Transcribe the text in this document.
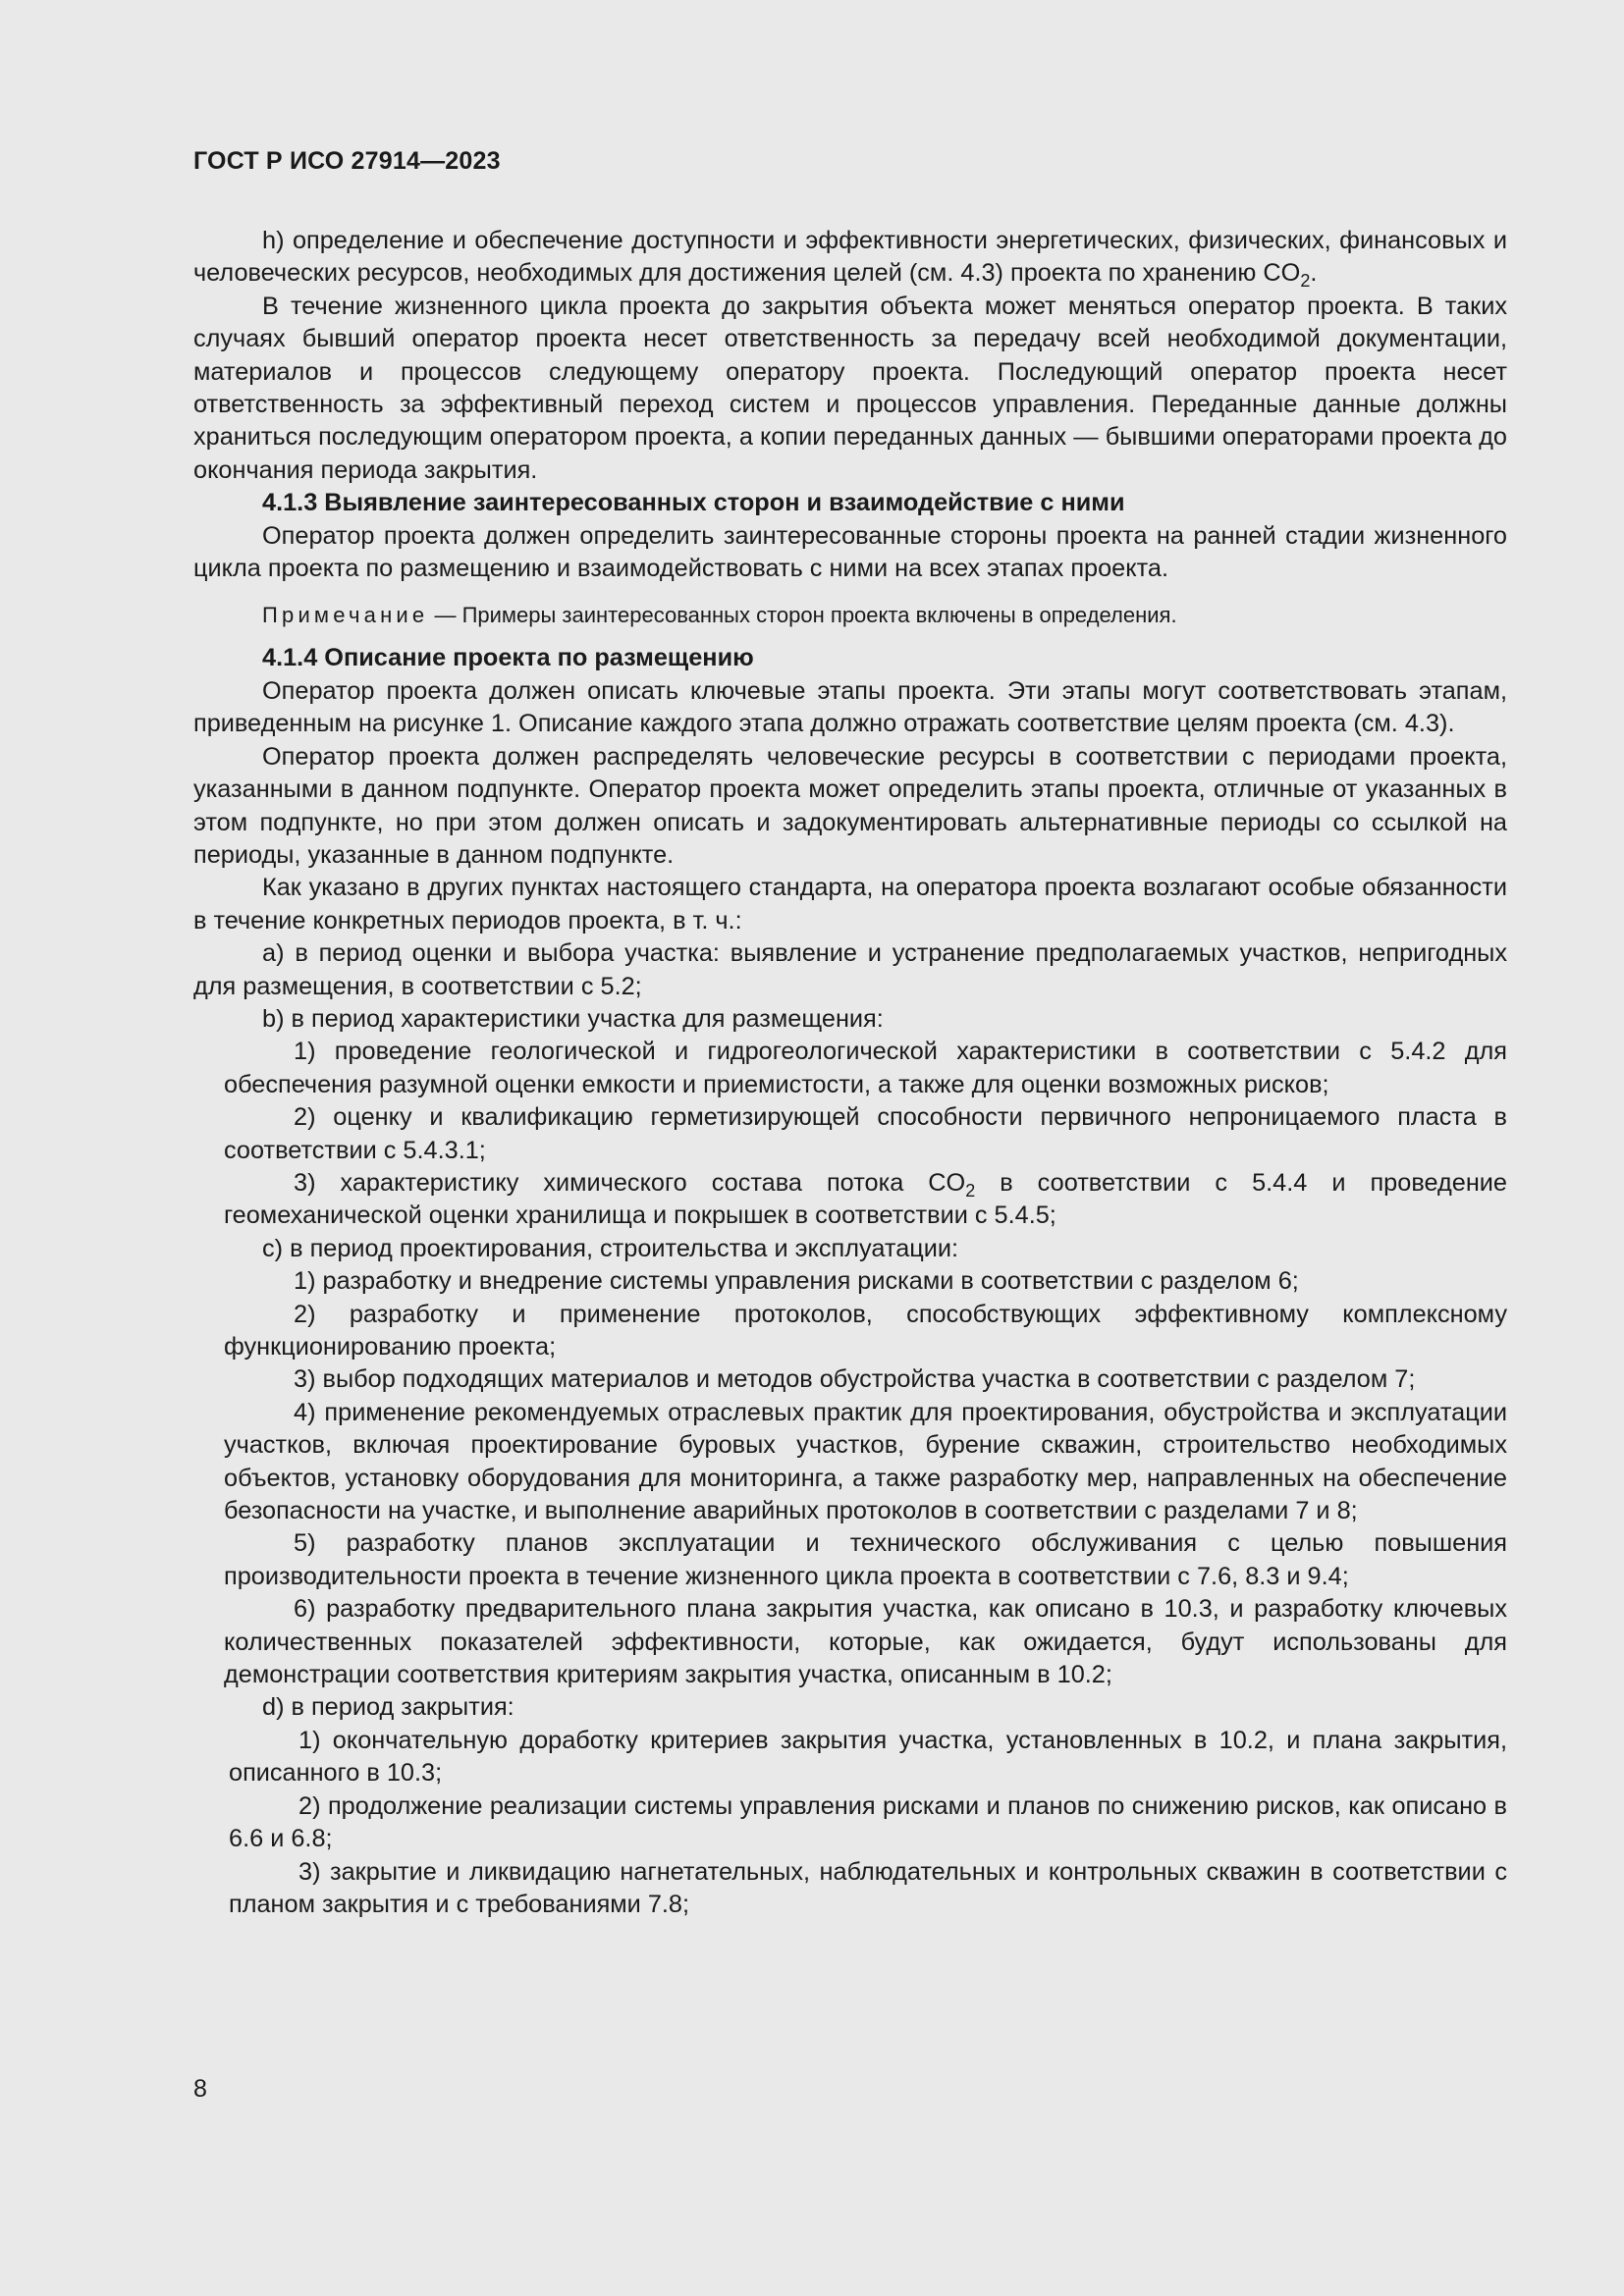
ГОСТ Р ИСО 27914—2023

h) определение и обеспечение доступности и эффективности энергетических, физических, финансовых и человеческих ресурсов, необходимых для достижения целей (см. 4.3) проекта по хранению $CO_2$.

В течение жизненного цикла проекта до закрытия объекта может меняться оператор проекта. В таких случаях бывший оператор проекта несет ответственность за передачу всей необходимой документации, материалов и процессов следующему оператору проекта. Последующий оператор проекта несет ответственность за эффективный переход систем и процессов управления. Переданные данные должны храниться последующим оператором проекта, а копии переданных данных — бывшими операторами проекта до окончания периода закрытия.

4.1.3 Выявление заинтересованных сторон и взаимодействие с ними

Оператор проекта должен определить заинтересованные стороны проекта на ранней стадии жизненного цикла проекта по размещению и взаимодействовать с ними на всех этапах проекта.

Примечание — Примеры заинтересованных сторон проекта включены в определения.

4.1.4 Описание проекта по размещению

Оператор проекта должен описать ключевые этапы проекта. Эти этапы могут соответствовать этапам, приведенным на рисунке 1. Описание каждого этапа должно отражать соответствие целям проекта (см. 4.3).

Оператор проекта должен распределять человеческие ресурсы в соответствии с периодами проекта, указанными в данном подпункте. Оператор проекта может определить этапы проекта, отличные от указанных в этом подпункте, но при этом должен описать и задокументировать альтернативные периоды со ссылкой на периоды, указанные в данном подпункте.

Как указано в других пунктах настоящего стандарта, на оператора проекта возлагают особые обязанности в течение конкретных периодов проекта, в т. ч.:

a) в период оценки и выбора участка: выявление и устранение предполагаемых участков, непригодных для размещения, в соответствии с 5.2;

b) в период характеристики участка для размещения:

1) проведение геологической и гидрогеологической характеристики в соответствии с 5.4.2 для обеспечения разумной оценки емкости и приемистости, а также для оценки возможных рисков;

2) оценку и квалификацию герметизирующей способности первичного непроницаемого пласта в соответствии с 5.4.3.1;

3) характеристику химического состава потока $CO_2$ в соответствии с 5.4.4 и проведение геомеханической оценки хранилища и покрышек в соответствии с 5.4.5;

c) в период проектирования, строительства и эксплуатации:

1) разработку и внедрение системы управления рисками в соответствии с разделом 6;

2) разработку и применение протоколов, способствующих эффективному комплексному функционированию проекта;

3) выбор подходящих материалов и методов обустройства участка в соответствии с разделом 7;

4) применение рекомендуемых отраслевых практик для проектирования, обустройства и эксплуатации участков, включая проектирование буровых участков, бурение скважин, строительство необходимых объектов, установку оборудования для мониторинга, а также разработку мер, направленных на обеспечение безопасности на участке, и выполнение аварийных протоколов в соответствии с разделами 7 и 8;

5) разработку планов эксплуатации и технического обслуживания с целью повышения производительности проекта в течение жизненного цикла проекта в соответствии с 7.6, 8.3 и 9.4;

6) разработку предварительного плана закрытия участка, как описано в 10.3, и разработку ключевых количественных показателей эффективности, которые, как ожидается, будут использованы для демонстрации соответствия критериям закрытия участка, описанным в 10.2;

d) в период закрытия:

1) окончательную доработку критериев закрытия участка, установленных в 10.2, и плана закрытия, описанного в 10.3;

2) продолжение реализации системы управления рисками и планов по снижению рисков, как описано в 6.6 и 6.8;

3) закрытие и ликвидацию нагнетательных, наблюдательных и контрольных скважин в соответствии с планом закрытия и с требованиями 7.8;

8
